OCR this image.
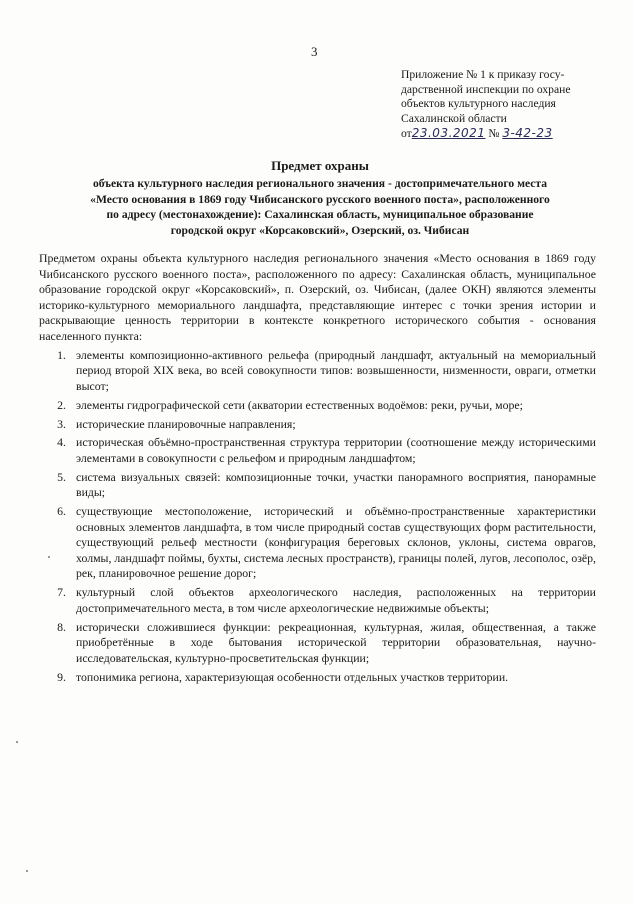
3
Приложение № 1 к приказу госу-
дарственной инспекции по охране
объектов культурного наследия
Сахалинской области
от23.03.2021 № 3-42-23
Предмет охраны
объекта культурного наследия регионального значения - достопримечательного места
«Место основания в 1869 году Чибисанского русского военного поста», расположенного
по адресу (местонахождение): Сахалинская область, муниципальное образование
городской округ «Корсаковский», Озерский, оз. Чибисан

Предметом охраны объекта культурного наследия регионального значения «Место основания в 1869 году Чибисанского русского военного поста», расположенного по адресу: Сахалинская область, муниципальное образование городской округ «Корсаковский», п. Озерский, оз. Чибисан, (далее ОКН) являются элементы историко-культурного мемориального ландшафта, представляющие интерес с точки зрения истории и раскрывающие ценность территории в контексте конкретного исторического события - основания населенного пункта:

1. элементы композиционно-активного рельефа (природный ландшафт, актуальный на мемориальный период второй XIX века, во всей совокупности типов: возвышенности, низменности, овраги, отметки высот;
2. элементы гидрографической сети (акватории естественных водоёмов: реки, ручьи, море;
3. исторические планировочные направления;
4. историческая объёмно-пространственная структура территории (соотношение между историческими элементами в совокупности с рельефом и природным ландшафтом;
5. система визуальных связей: композиционные точки, участки панорамного восприятия, панорамные виды;
6. существующие местоположение, исторический и объёмно-пространственные характеристики основных элементов ландшафта, в том числе природный состав существующих форм растительности, существующий рельеф местности (конфигурация береговых склонов, уклоны, система оврагов, холмы, ландшафт поймы, бухты, система лесных пространств), границы полей, лугов, лесополос, озёр, рек, планировочное решение дорог;
7. культурный слой объектов археологического наследия, расположенных на территории достопримечательного места, в том числе археологические недвижимые объекты;
8. исторически сложившиеся функции: рекреационная, культурная, жилая, общественная, а также приобретённые в ходе бытования исторической территории образовательная, научно-исследовательская, культурно-просветительская функции;
9. топонимика региона, характеризующая особенности отдельных участков территории.
